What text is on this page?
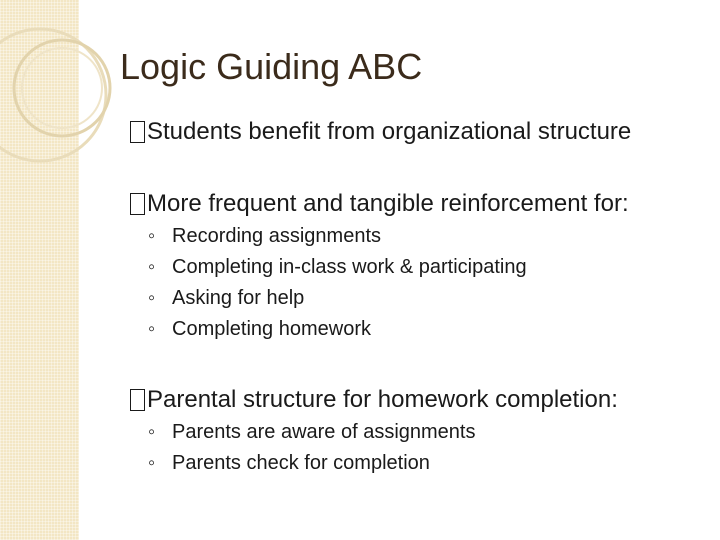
Logic Guiding ABC
Students benefit from organizational structure
More frequent and tangible reinforcement for:
◦ Recording assignments
◦ Completing in-class work & participating
◦ Asking for help
◦ Completing homework
Parental structure for homework completion:
◦ Parents are aware of assignments
◦ Parents check for completion
